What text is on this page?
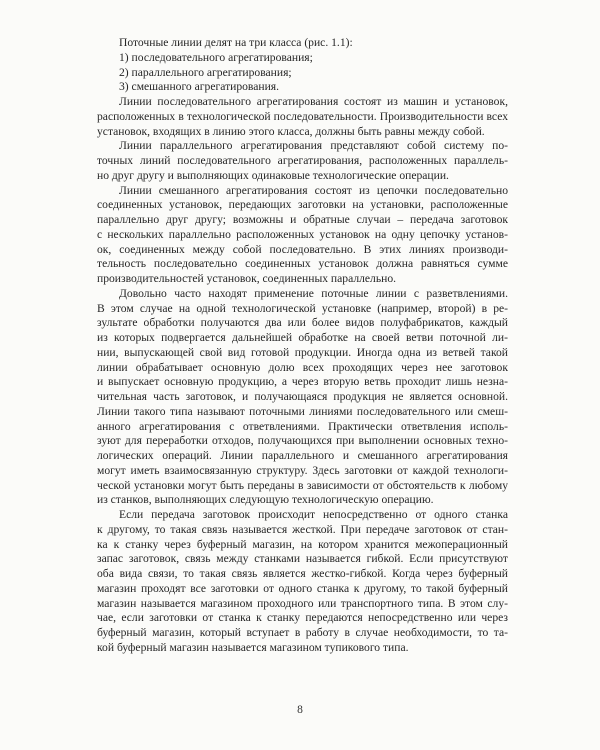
Поточные линии делят на три класса (рис. 1.1):
1) последовательного агрегатирования;
2) параллельного агрегатирования;
3) смешанного агрегатирования.
Линии последовательного агрегатирования состоят из машин и установок,
расположенных в технологической последовательности. Производительности всех
установок, входящих в линию этого класса, должны быть равны между собой.
Линии параллельного агрегатирования представляют собой систему по-
точных линий последовательного агрегатирования, расположенных параллель-
но друг другу и выполняющих одинаковые технологические операции.
Линии смешанного агрегатирования состоят из цепочки последовательно
соединенных установок, передающих заготовки на установки, расположенные
параллельно друг другу; возможны и обратные случаи – передача заготовок
с нескольких параллельно расположенных установок на одну цепочку установ-
ок, соединенных между собой последовательно. В этих линиях производи-
тельность последовательно соединенных установок должна равняться сумме
производительностей установок, соединенных параллельно.
Довольно часто находят применение поточные линии с разветвлениями.
В этом случае на одной технологической установке (например, второй) в ре-
зультате обработки получаются два или более видов полуфабрикатов, каждый
из которых подвергается дальнейшей обработке на своей ветви поточной ли-
нии, выпускающей свой вид готовой продукции. Иногда одна из ветвей такой
линии обрабатывает основную долю всех проходящих через нее заготовок
и выпускает основную продукцию, а через вторую ветвь проходит лишь незна-
чительная часть заготовок, и получающаяся продукция не является основной.
Линии такого типа называют поточными линиями последовательного или смеш-
анного агрегатирования с ответвлениями. Практически ответвления исполь-
зуют для переработки отходов, получающихся при выполнении основных техно-
логических операций. Линии параллельного и смешанного агрегатирования
могут иметь взаимосвязанную структуру. Здесь заготовки от каждой технологи-
ческой установки могут быть переданы в зависимости от обстоятельств к любому
из станков, выполняющих следующую технологическую операцию.
Если передача заготовок происходит непосредственно от одного станка
к другому, то такая связь называется жесткой. При передаче заготовок от стан-
ка к станку через буферный магазин, на котором хранится межоперационный
запас заготовок, связь между станками называется гибкой. Если присутствуют
оба вида связи, то такая связь является жестко-гибкой. Когда через буферный
магазин проходят все заготовки от одного станка к другому, то такой буферный
магазин называется магазином проходного или транспортного типа. В этом слу-
чае, если заготовки от станка к станку передаются непосредственно или через
буферный магазин, который вступает в работу в случае необходимости, то та-
кой буферный магазин называется магазином тупикового типа.
8
